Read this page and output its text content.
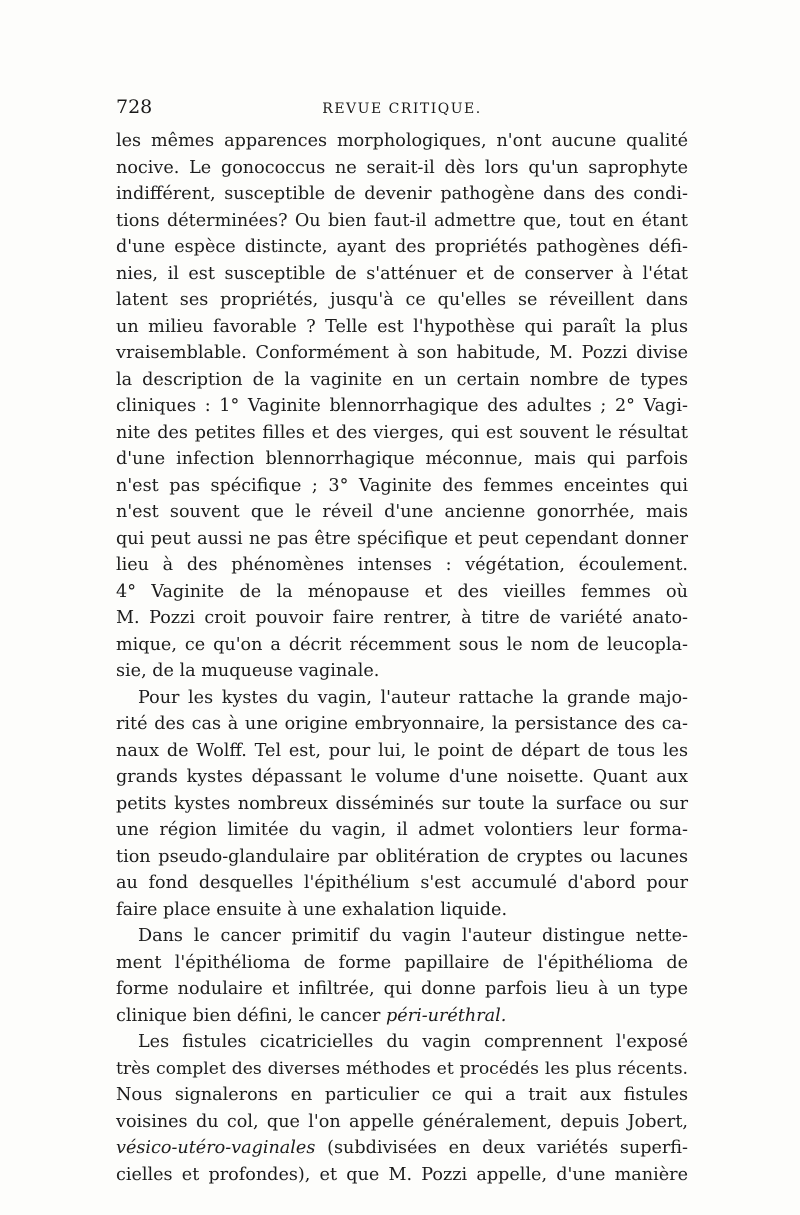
728	REVUE CRITIQUE.
les mêmes apparences morphologiques, n'ont aucune qualité
nocive. Le gonococcus ne serait-il dès lors qu'un saprophyte
indifférent, susceptible de devenir pathogène dans des condi-
tions déterminées? Ou bien faut-il admettre que, tout en étant
d'une espèce distincte, ayant des propriétés pathogènes défi-
nies, il est susceptible de s'atténuer et de conserver à l'état
latent ses propriétés, jusqu'à ce qu'elles se réveillent dans
un milieu favorable ? Telle est l'hypothèse qui paraît la plus
vraisemblable. Conformément à son habitude, M. Pozzi divise
la description de la vaginite en un certain nombre de types
cliniques : 1° Vaginite blennorrhagique des adultes ; 2° Vagi-
nite des petites filles et des vierges, qui est souvent le résultat
d'une infection blennorrhagique méconnue, mais qui parfois
n'est pas spécifique ; 3° Vaginite des femmes enceintes qui
n'est souvent que le réveil d'une ancienne gonorrhée, mais
qui peut aussi ne pas être spécifique et peut cependant donner
lieu à des phénomènes intenses : végétation, écoulement.
4° Vaginite de la ménopause et des vieilles femmes où
M. Pozzi croit pouvoir faire rentrer, à titre de variété anato-
mique, ce qu'on a décrit récemment sous le nom de leucopla-
sie, de la muqueuse vaginale.
Pour les kystes du vagin, l'auteur rattache la grande majo-
rité des cas à une origine embryonnaire, la persistance des ca-
naux de Wolff. Tel est, pour lui, le point de départ de tous les
grands kystes dépassant le volume d'une noisette. Quant aux
petits kystes nombreux disséminés sur toute la surface ou sur
une région limitée du vagin, il admet volontiers leur forma-
tion pseudo-glandulaire par oblitération de cryptes ou lacunes
au fond desquelles l'épithélium s'est accumulé d'abord pour
faire place ensuite à une exhalation liquide.
Dans le cancer primitif du vagin l'auteur distingue nette-
ment l'épithélioma de forme papillaire de l'épithélioma de
forme nodulaire et infiltrée, qui donne parfois lieu à un type
clinique bien défini, le cancer péri-uréthral.
Les fistules cicatricielles du vagin comprennent l'exposé
très complet des diverses méthodes et procédés les plus récents.
Nous signalerons en particulier ce qui a trait aux fistules
voisines du col, que l'on appelle généralement, depuis Jobert,
vésico-utéro-vaginales (subdivisées en deux variétés superfi-
cielles et profondes), et que M. Pozzi appelle, d'une manière
